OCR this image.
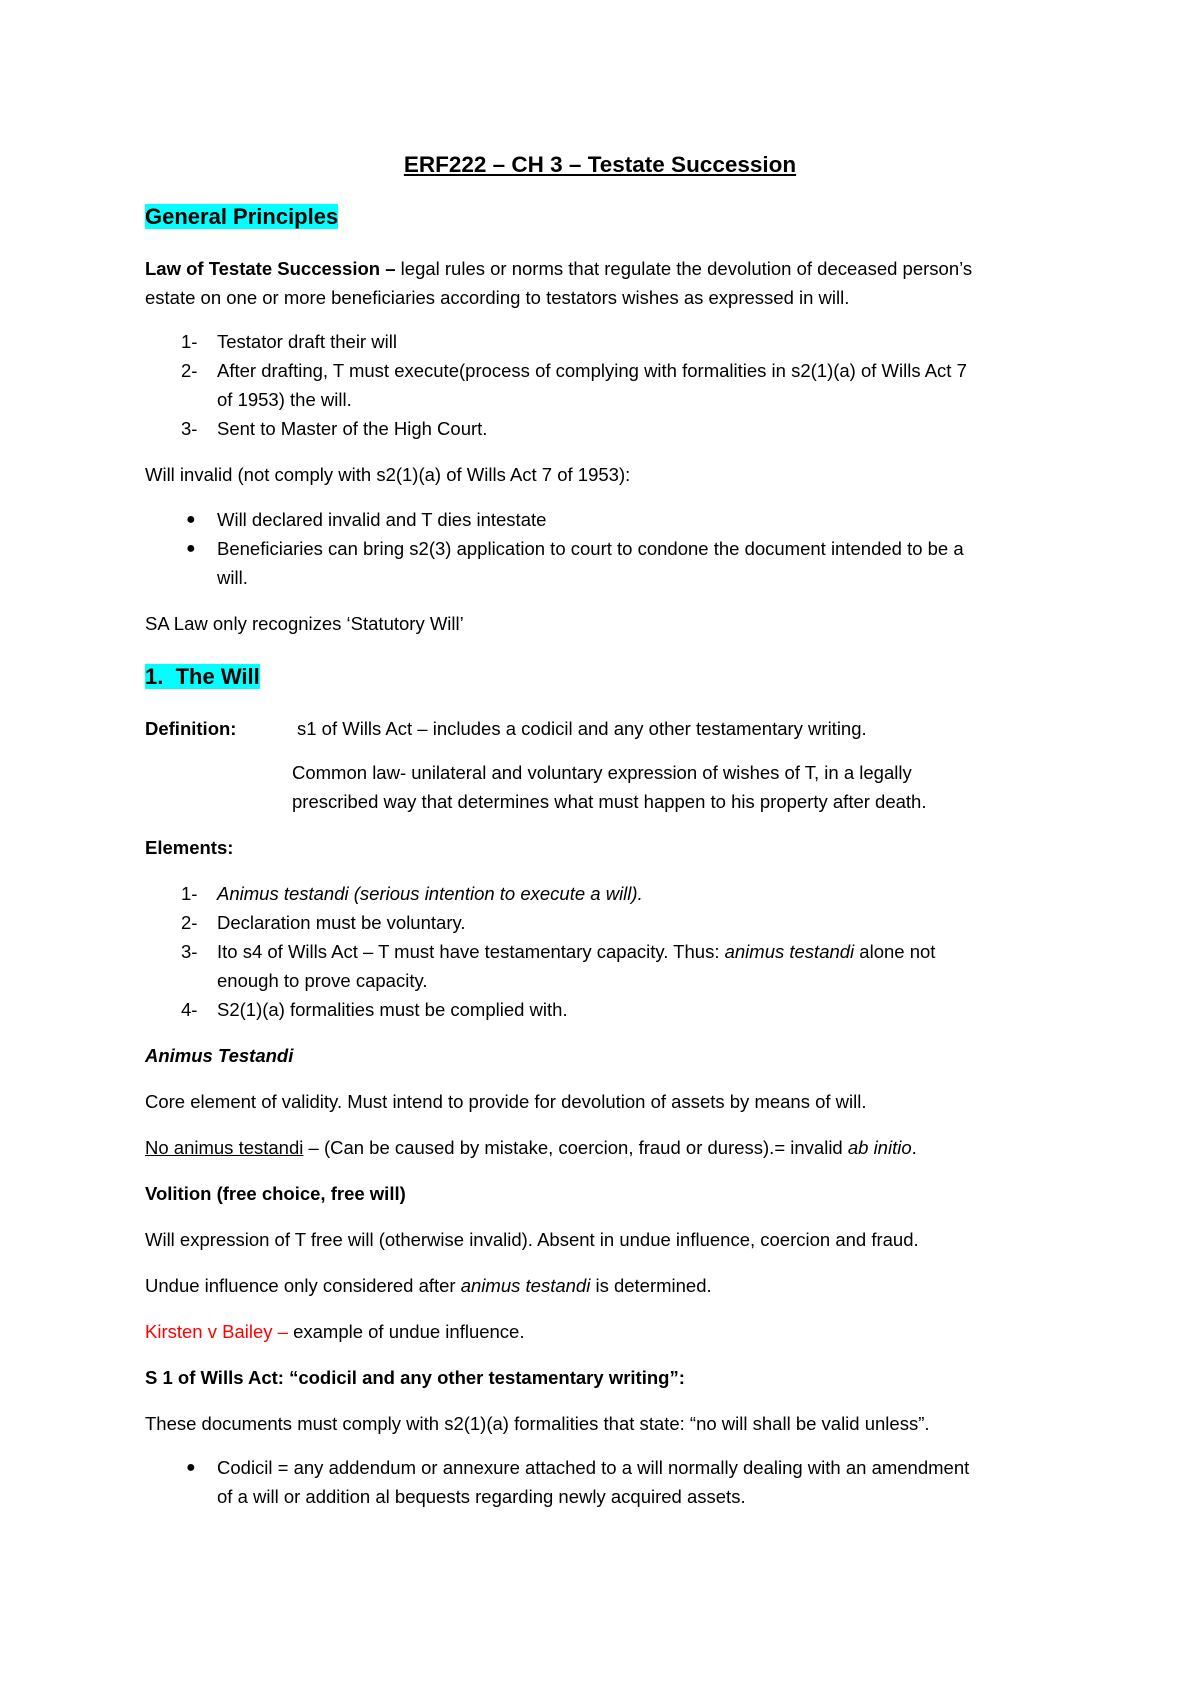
ERF222 – CH 3 – Testate Succession
General Principles
Law of Testate Succession – legal rules or norms that regulate the devolution of deceased person’s
estate on one or more beneficiaries according to testators wishes as expressed in will.
1-	Testator draft their will
2-	After drafting, T must execute(process of complying with formalities in s2(1)(a) of Wills Act 7
of 1953) the will.
3-	Sent to Master of the High Court.
Will invalid (not comply with s2(1)(a) of Wills Act 7 of 1953):
● Will declared invalid and T dies intestate
● Beneficiaries can bring s2(3) application to court to condone the document intended to be a
will.
SA Law only recognizes ‘Statutory Will’
1. The Will
Definition:	s1 of Wills Act – includes a codicil and any other testamentary writing.
Common law- unilateral and voluntary expression of wishes of T, in a legally
prescribed way that determines what must happen to his property after death.
Elements:
1-	Animus testandi (serious intention to execute a will).
2-	Declaration must be voluntary.
3-	Ito s4 of Wills Act – T must have testamentary capacity. Thus: animus testandi alone not
enough to prove capacity.
4-	S2(1)(a) formalities must be complied with.
Animus Testandi
Core element of validity. Must intend to provide for devolution of assets by means of will.
No animus testandi – (Can be caused by mistake, coercion, fraud or duress).= invalid ab initio.
Volition (free choice, free will)
Will expression of T free will (otherwise invalid). Absent in undue influence, coercion and fraud.
Undue influence only considered after animus testandi is determined.
Kirsten v Bailey – example of undue influence.
S 1 of Wills Act: “codicil and any other testamentary writing”:
These documents must comply with s2(1)(a) formalities that state: “no will shall be valid unless”.
● Codicil = any addendum or annexure attached to a will normally dealing with an amendment
of a will or addition al bequests regarding newly acquired assets.
